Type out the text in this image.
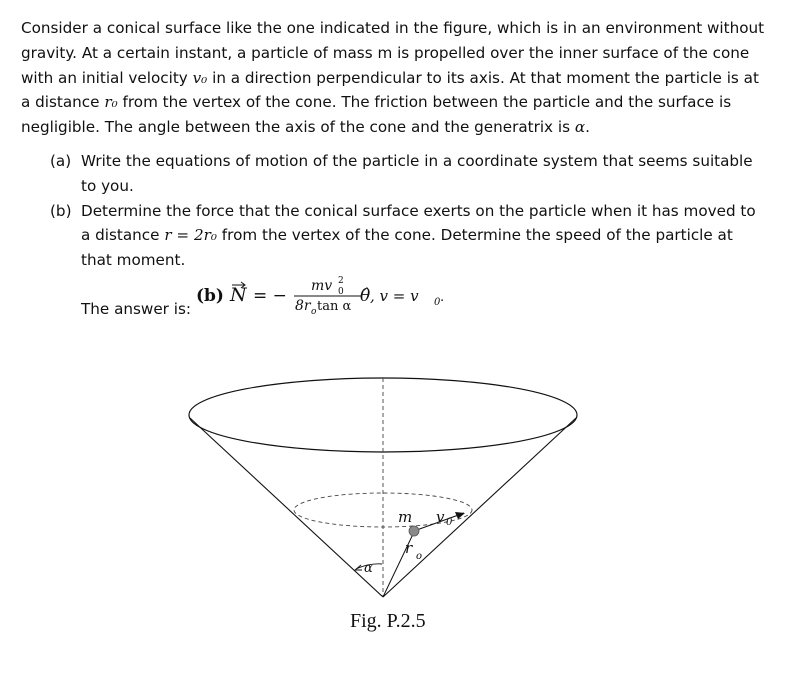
Consider a conical surface like the one indicated in the figure, which is in an environment without gravity. At a certain instant, a particle of mass m is propelled over the inner surface of the cone with an initial velocity v₀ in a direction perpendicular to its axis. At that moment the particle is at a distance r₀ from the vertex of the cone. The friction between the particle and the surface is negligible. The angle between the axis of the cone and the generatrix is α.

(a) Write the equations of motion of the particle in a coordinate system that seems suitable to you.
(b) Determine the force that the conical surface exerts on the particle when it has moved to a distance r = 2r₀ from the vertex of the cone. Determine the speed of the particle at that moment.
The answer is:
(b) N = − mv 2
0
8r o tan α
θ̂ , v = v 0 .
m v 0
r o
α
Fig. P.2.5
